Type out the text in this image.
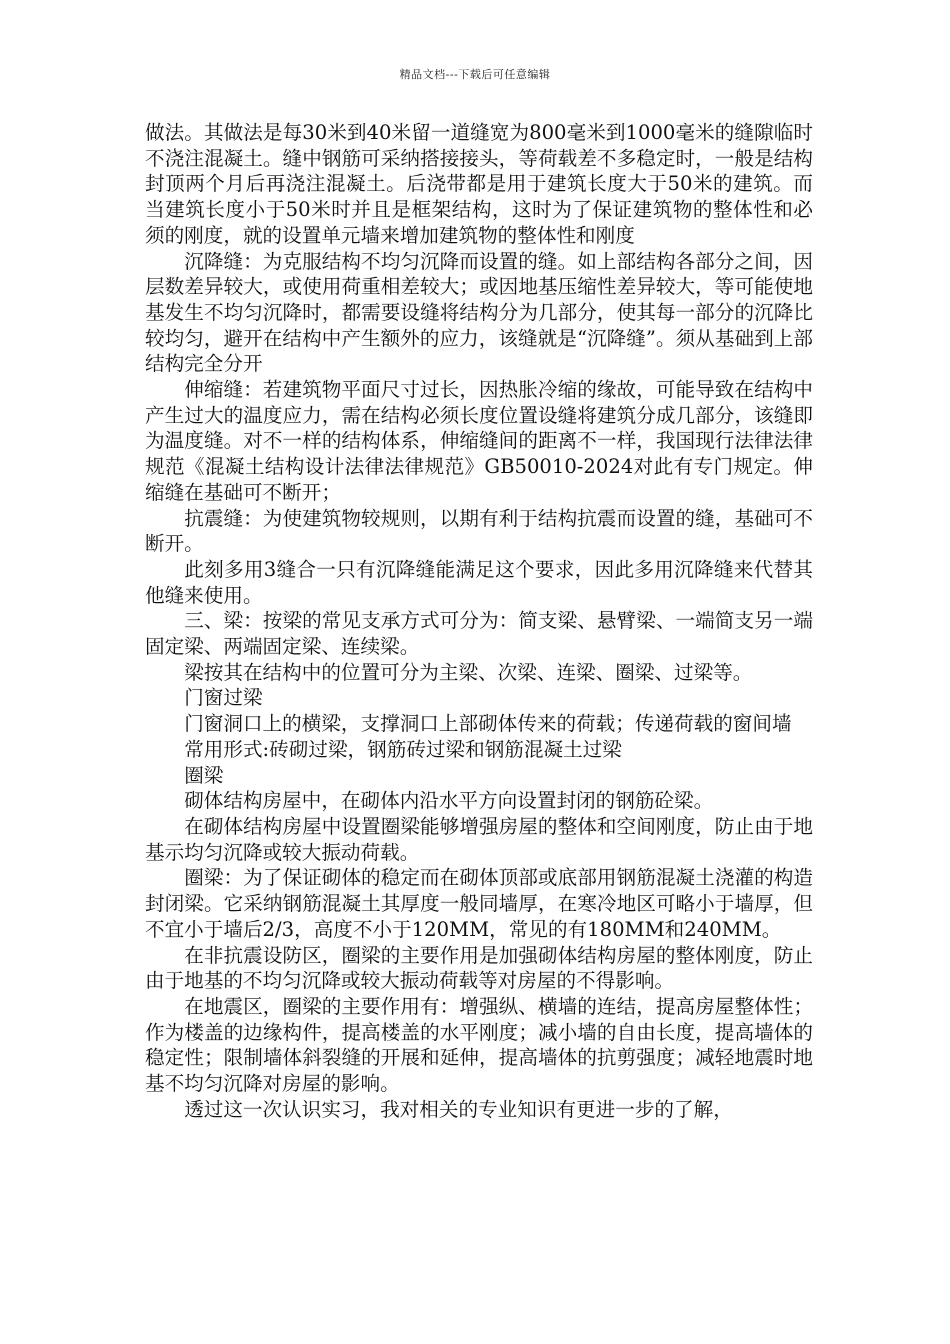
精品文档---下载后可任意编辑

做法。其做法是每30米到40米留一道缝宽为800毫米到1000毫米的缝隙临时不浇注混凝土。缝中钢筋可采纳搭接接头，等荷载差不多稳定时，一般是结构封顶两个月后再浇注混凝土。后浇带都是用于建筑长度大于50米的建筑。而当建筑长度小于50米时并且是框架结构，这时为了保证建筑物的整体性和必须的刚度，就的设置单元墙来增加建筑物的整体性和刚度

沉降缝：为克服结构不均匀沉降而设置的缝。如上部结构各部分之间，因层数差异较大，或使用荷重相差较大；或因地基压缩性差异较大，等可能使地基发生不均匀沉降时，都需要设缝将结构分为几部分，使其每一部分的沉降比较均匀，避开在结构中产生额外的应力，该缝就是“沉降缝”。须从基础到上部结构完全分开

伸缩缝：若建筑物平面尺寸过长，因热胀冷缩的缘故，可能导致在结构中产生过大的温度应力，需在结构必须长度位置设缝将建筑分成几部分，该缝即为温度缝。对不一样的结构体系，伸缩缝间的距离不一样，我国现行法律法律规范《混凝土结构设计法律法律规范》GB50010-2024对此有专门规定。伸缩缝在基础可不断开；

抗震缝：为使建筑物较规则，以期有利于结构抗震而设置的缝，基础可不断开。

此刻多用3缝合一只有沉降缝能满足这个要求，因此多用沉降缝来代替其他缝来使用。

三、梁：按梁的常见支承方式可分为：简支梁、悬臂梁、一端简支另一端固定梁、两端固定梁、连续梁。

梁按其在结构中的位置可分为主梁、次梁、连梁、圈梁、过梁等。

门窗过梁

门窗洞口上的横梁，支撑洞口上部砌体传来的荷载；传递荷载的窗间墙

常用形式:砖砌过梁，钢筋砖过梁和钢筋混凝土过梁

圈梁

砌体结构房屋中，在砌体内沿水平方向设置封闭的钢筋砼梁。

在砌体结构房屋中设置圈梁能够增强房屋的整体和空间刚度，防止由于地基示均匀沉降或较大振动荷载。

圈梁：为了保证砌体的稳定而在砌体顶部或底部用钢筋混凝土浇灌的构造封闭梁。它采纳钢筋混凝土其厚度一般同墙厚，在寒冷地区可略小于墙厚，但不宜小于墙后2/3，高度不小于120MM，常见的有180MM和240MM。

在非抗震设防区，圈梁的主要作用是加强砌体结构房屋的整体刚度，防止由于地基的不均匀沉降或较大振动荷载等对房屋的不得影响。

在地震区，圈梁的主要作用有：增强纵、横墙的连结，提高房屋整体性；作为楼盖的边缘构件，提高楼盖的水平刚度；减小墙的自由长度，提高墙体的稳定性；限制墙体斜裂缝的开展和延伸，提高墙体的抗剪强度；减轻地震时地基不均匀沉降对房屋的影响。

透过这一次认识实习，我对相关的专业知识有更进一步的了解，
